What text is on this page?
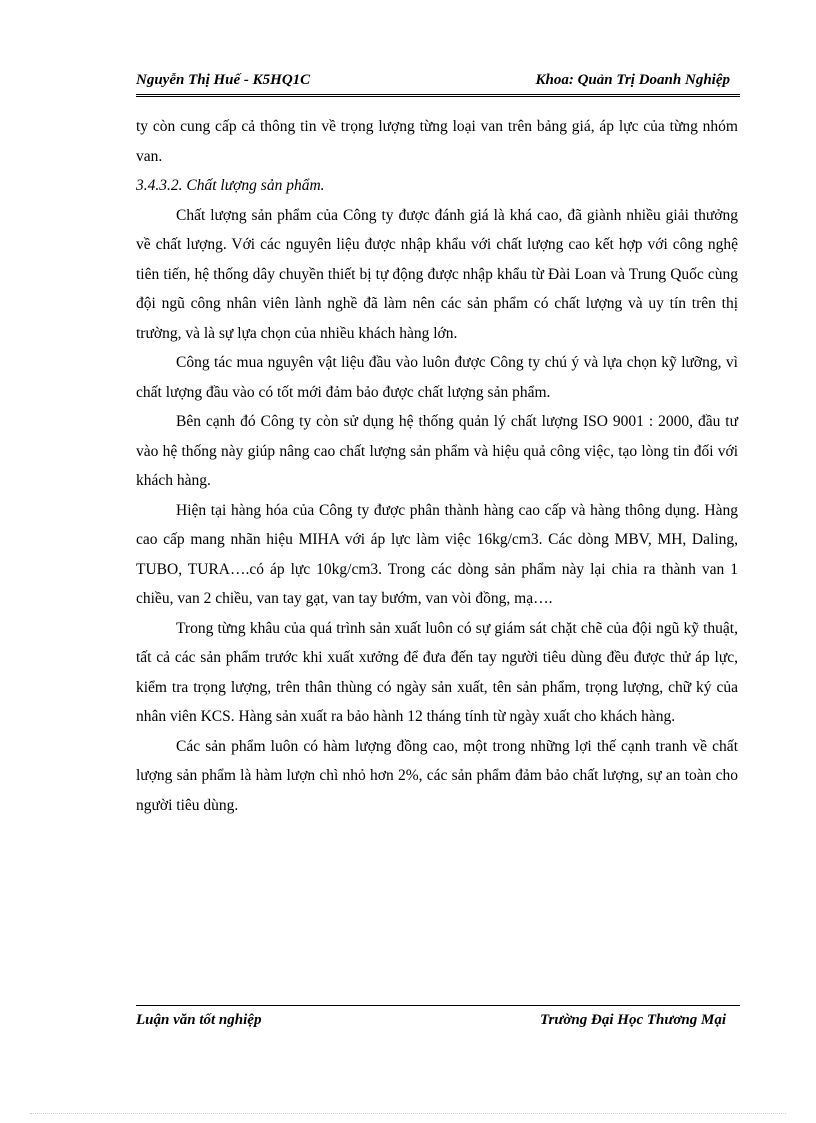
Nguyễn Thị Huế - K5HQ1C	Khoa: Quản Trị Doanh Nghiệp

ty còn cung cấp cả thông tin về trọng lượng từng loại van trên bảng giá, áp lực của từng nhóm van.

3.4.3.2. Chất lượng sản phẩm.

Chất lượng sản phẩm của Công ty được đánh giá là khá cao, đã giành nhiều giải thưởng về chất lượng. Với các nguyên liệu được nhập khẩu với chất lượng cao kết hợp với công nghệ tiên tiến, hệ thống dây chuyền thiết bị tự động được nhập khẩu từ Đài Loan và Trung Quốc cùng đội ngũ công nhân viên lành nghề đã làm nên các sản phẩm có chất lượng và uy tín trên thị trường, và là sự lựa chọn của nhiều khách hàng lớn.

Công tác mua nguyên vật liệu đầu vào luôn được Công ty chú ý và lựa chọn kỹ lưỡng, vì chất lượng đầu vào có tốt mới đảm bảo được chất lượng sản phẩm.

Bên cạnh đó Công ty còn sử dụng hệ thống quản lý chất lượng ISO 9001 : 2000, đầu tư vào hệ thống này giúp nâng cao chất lượng sản phẩm và hiệu quả công việc, tạo lòng tin đối với khách hàng.

Hiện tại hàng hóa của Công ty được phân thành hàng cao cấp và hàng thông dụng. Hàng cao cấp mang nhãn hiệu MIHA với áp lực làm việc 16kg/cm3. Các dòng MBV, MH, Daling, TUBO, TURA….có áp lực 10kg/cm3. Trong các dòng sản phẩm này lại chia ra thành van 1 chiều, van 2 chiều, van tay gạt, van tay bướm, van vòi đồng, mạ….

Trong từng khâu của quá trình sản xuất luôn có sự giám sát chặt chẽ của đội ngũ kỹ thuật, tất cả các sản phẩm trước khi xuất xưởng để đưa đến tay người tiêu dùng đều được thử áp lực, kiểm tra trọng lượng, trên thân thùng có ngày sản xuất, tên sản phẩm, trọng lượng, chữ ký của nhân viên KCS. Hàng sản xuất ra bảo hành 12 tháng tính từ ngày xuất cho khách hàng.

Các sản phẩm luôn có hàm lượng đồng cao, một trong những lợi thế cạnh tranh về chất lượng sản phẩm là hàm lượn chì nhỏ hơn 2%, các sản phẩm đảm bảo chất lượng, sự an toàn cho người tiêu dùng.

Luận văn tốt nghiệp	Trường Đại Học Thương Mại
